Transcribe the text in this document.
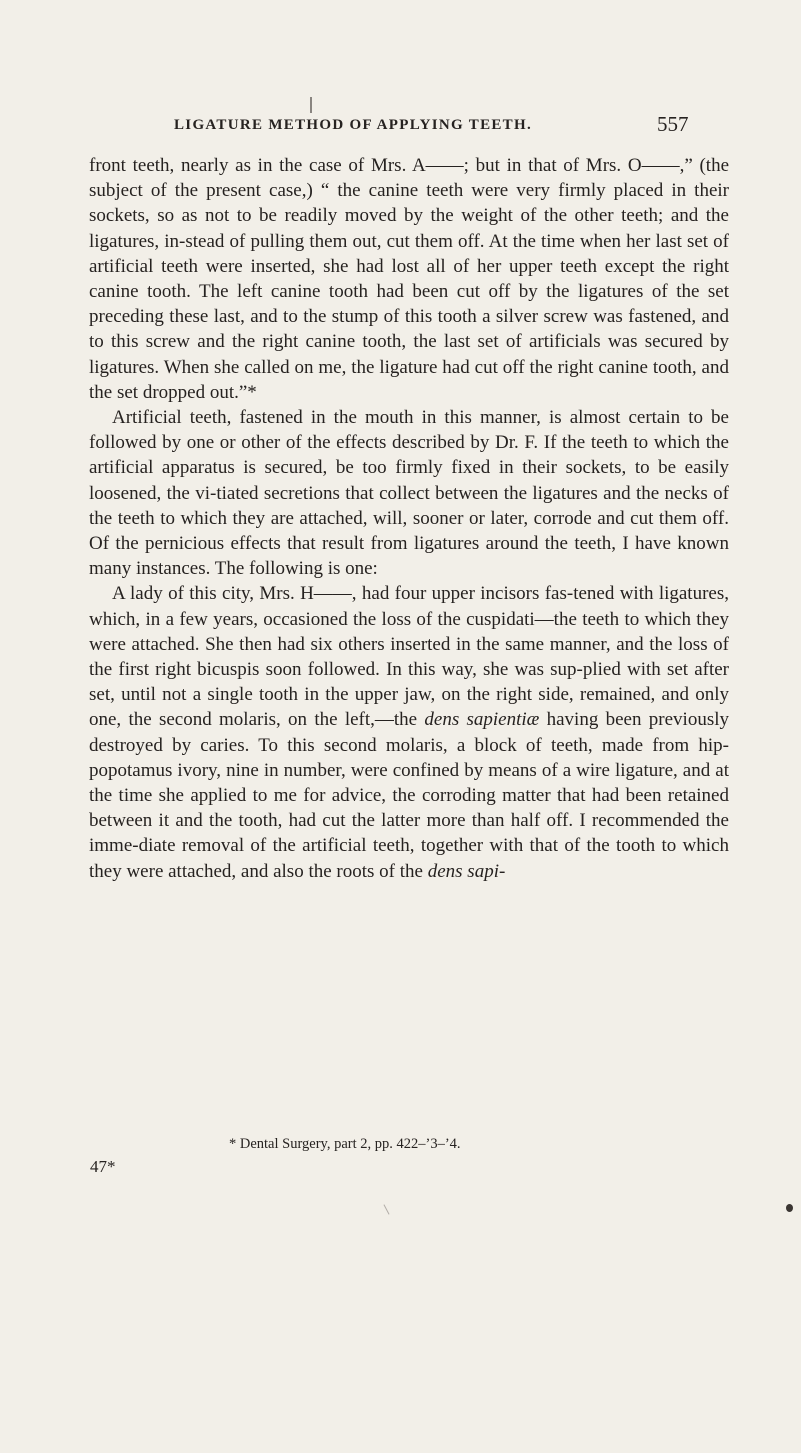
LIGATURE METHOD OF APPLYING TEETH.	557

front teeth, nearly as in the case of Mrs. A——; but in that of Mrs. O——,” (the subject of the present case,) “ the canine teeth were very firmly placed in their sockets, so as not to be readily moved by the weight of the other teeth; and the ligatures, in-stead of pulling them out, cut them off. At the time when her last set of artificial teeth were inserted, she had lost all of her upper teeth except the right canine tooth. The left canine tooth had been cut off by the ligatures of the set preceding these last, and to the stump of this tooth a silver screw was fastened, and to this screw and the right canine tooth, the last set of artificials was secured by ligatures. When she called on me, the ligature had cut off the right canine tooth, and the set dropped out.”*

Artificial teeth, fastened in the mouth in this manner, is almost certain to be followed by one or other of the effects described by Dr. F. If the teeth to which the artificial apparatus is secured, be too firmly fixed in their sockets, to be easily loosened, the vi-tiated secretions that collect between the ligatures and the necks of the teeth to which they are attached, will, sooner or later, corrode and cut them off. Of the pernicious effects that result from ligatures around the teeth, I have known many instances. The following is one:

A lady of this city, Mrs. H——, had four upper incisors fas-tened with ligatures, which, in a few years, occasioned the loss of the cuspidati—the teeth to which they were attached. She then had six others inserted in the same manner, and the loss of the first right bicuspis soon followed. In this way, she was sup-plied with set after set, until not a single tooth in the upper jaw, on the right side, remained, and only one, the second molaris, on the left,—the dens sapientiæ having been previously destroyed by caries. To this second molaris, a block of teeth, made from hip-popotamus ivory, nine in number, were confined by means of a wire ligature, and at the time she applied to me for advice, the corroding matter that had been retained between it and the tooth, had cut the latter more than half off. I recommended the imme-diate removal of the artificial teeth, together with that of the tooth to which they were attached, and also the roots of the dens sapi-

* Dental Surgery, part 2, pp. 422–’3–’4.
47*
